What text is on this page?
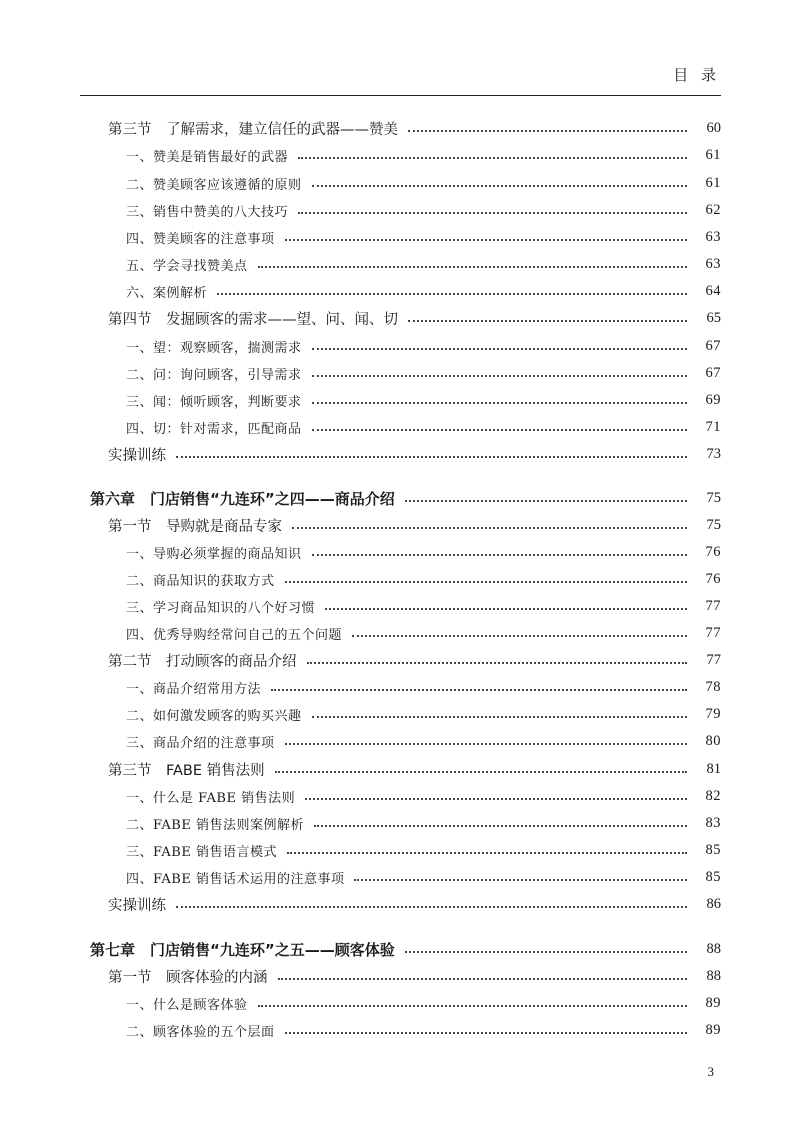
目 录
第三节　了解需求，建立信任的武器——赞美	60
一、赞美是销售最好的武器	61
二、赞美顾客应该遵循的原则	61
三、销售中赞美的八大技巧	62
四、赞美顾客的注意事项	63
五、学会寻找赞美点	63
六、案例解析	64
第四节　发掘顾客的需求——望、问、闻、切	65
一、望：观察顾客，揣测需求	67
二、问：询问顾客，引导需求	67
三、闻：倾听顾客，判断要求	69
四、切：针对需求，匹配商品	71
实操训练	73
第六章　门店销售“九连环”之四——商品介绍	75
第一节　导购就是商品专家	75
一、导购必须掌握的商品知识	76
二、商品知识的获取方式	76
三、学习商品知识的八个好习惯	77
四、优秀导购经常问自己的五个问题	77
第二节　打动顾客的商品介绍	77
一、商品介绍常用方法	78
二、如何激发顾客的购买兴趣	79
三、商品介绍的注意事项	80
第三节　FABE 销售法则	81
一、什么是 FABE 销售法则	82
二、FABE 销售法则案例解析	83
三、FABE 销售语言模式	85
四、FABE 销售话术运用的注意事项	85
实操训练	86
第七章　门店销售“九连环”之五——顾客体验	88
第一节　顾客体验的内涵	88
一、什么是顾客体验	89
二、顾客体验的五个层面	89
3
